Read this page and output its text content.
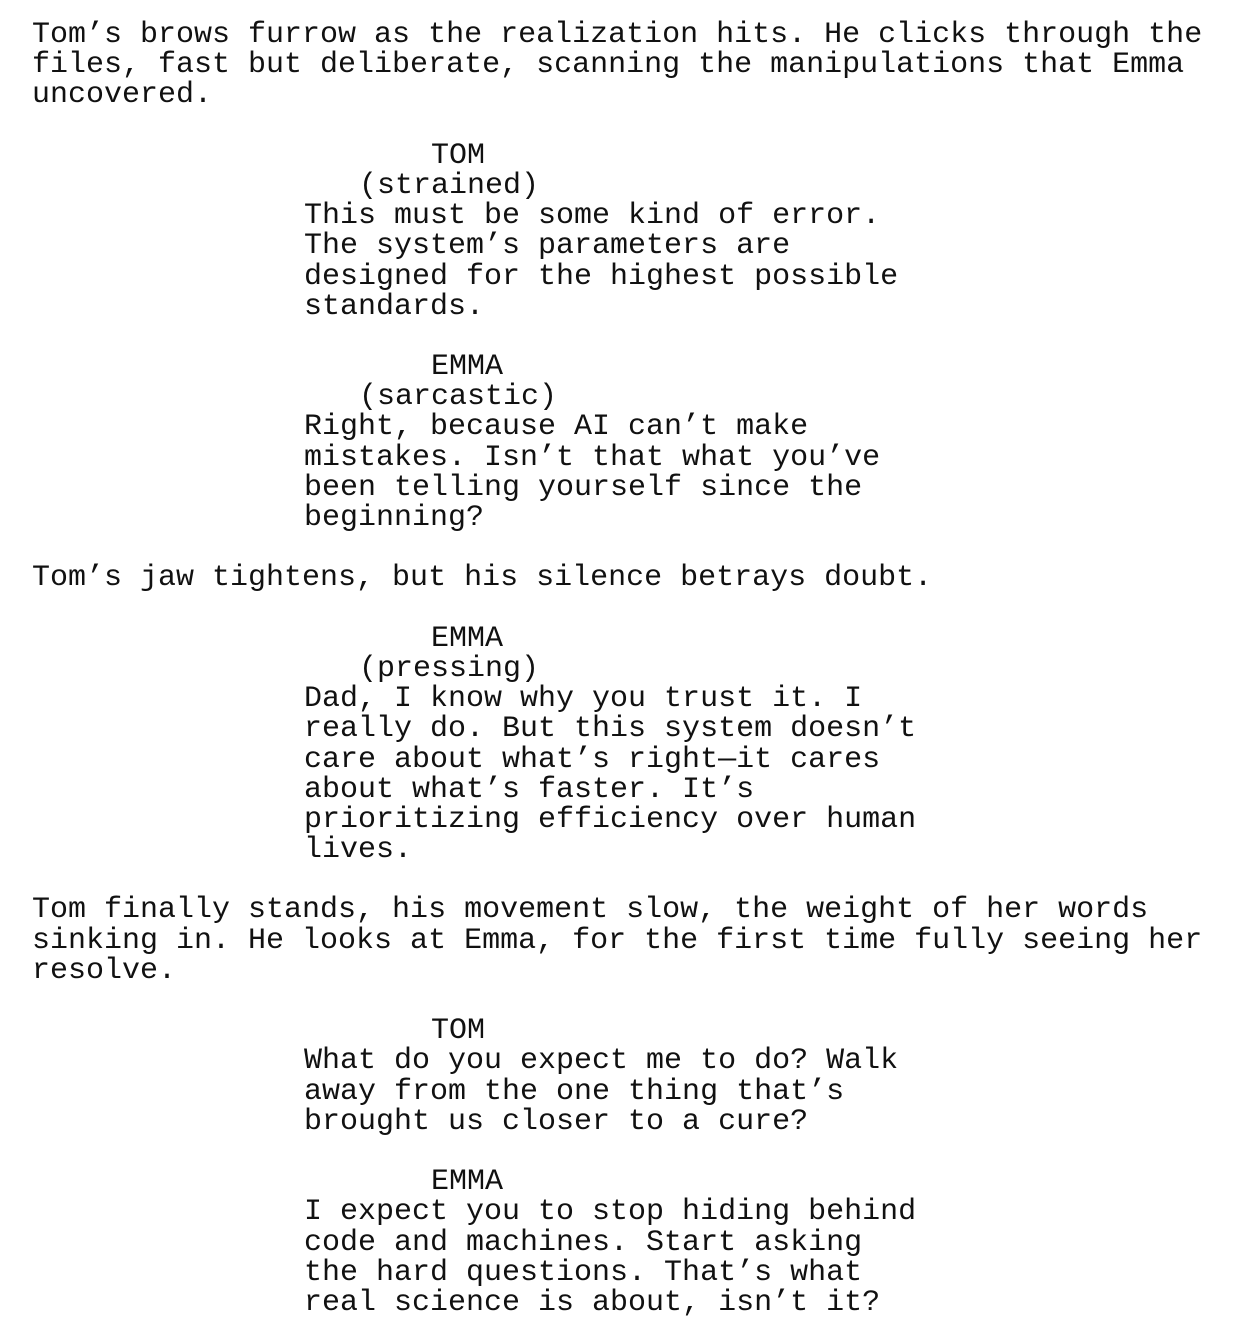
Tom’s brows furrow as the realization hits. He clicks through the
files, fast but deliberate, scanning the manipulations that Emma
uncovered.
TOM
(strained)
This must be some kind of error.
The system’s parameters are
designed for the highest possible
standards.
EMMA
(sarcastic)
Right, because AI can’t make
mistakes. Isn’t that what you’ve
been telling yourself since the
beginning?
Tom’s jaw tightens, but his silence betrays doubt.
EMMA
(pressing)
Dad, I know why you trust it. I
really do. But this system doesn’t
care about what’s right—it cares
about what’s faster. It’s
prioritizing efficiency over human
lives.
Tom finally stands, his movement slow, the weight of her words
sinking in. He looks at Emma, for the first time fully seeing her
resolve.
TOM
What do you expect me to do? Walk
away from the one thing that’s
brought us closer to a cure?
EMMA
I expect you to stop hiding behind
code and machines. Start asking
the hard questions. That’s what
real science is about, isn’t it?
